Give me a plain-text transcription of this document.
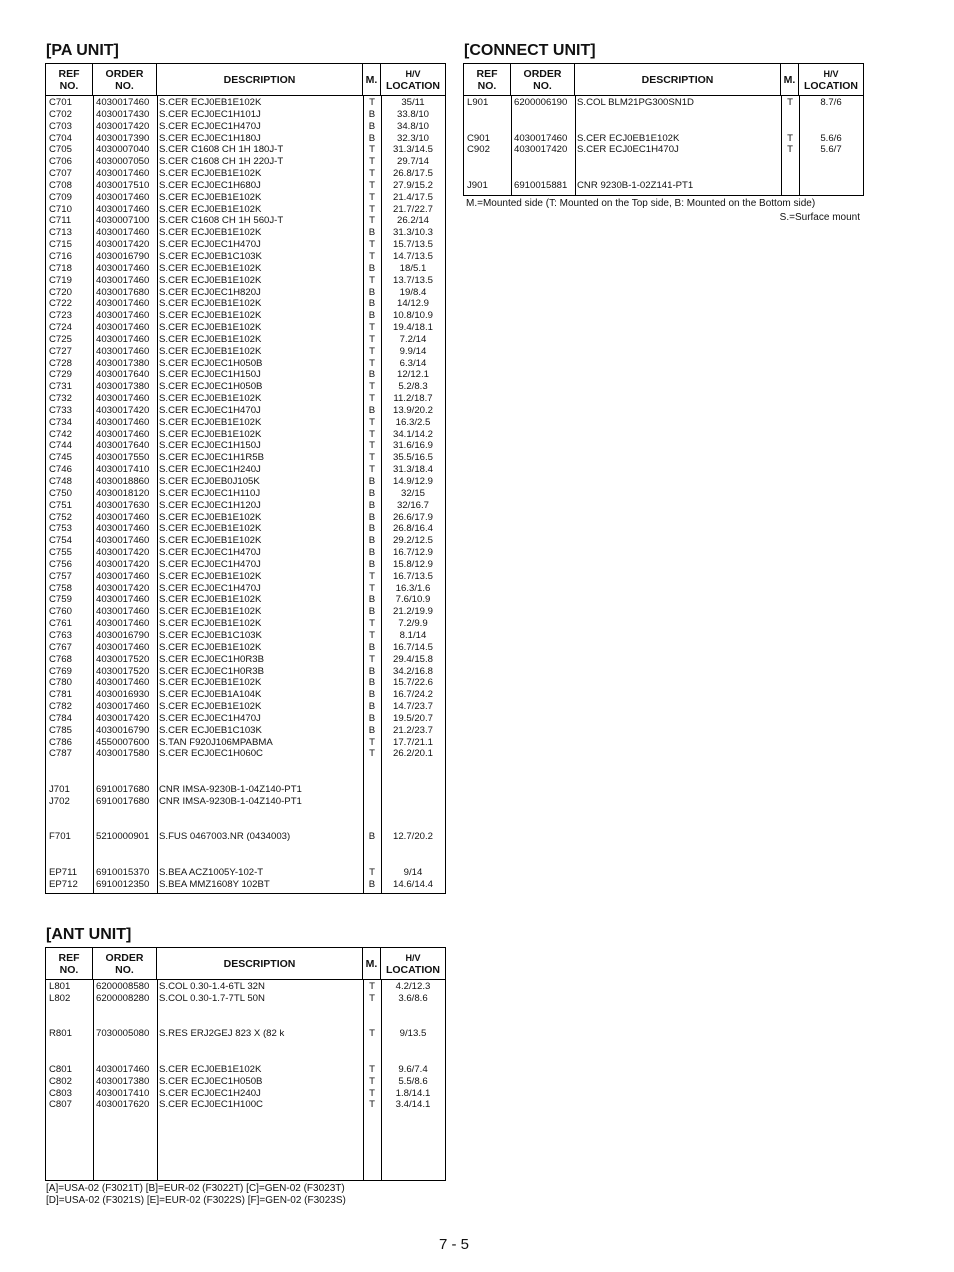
[PA UNIT]
REF
NO.
ORDER
NO.	DESCRIPTION	M.	H/V
LOCATION
C701	4030017460	S.CER ECJ0EB1E102K	T	35/11
C702	4030017430	S.CER ECJ0EC1H101J	B	33.8/10
C703	4030017420	S.CER ECJ0EC1H470J	B	34.8/10
C704	4030017390	S.CER ECJ0EC1H180J	B	32.3/10
C705	4030007040	S.CER C1608 CH 1H 180J-T	T	31.3/14.5
C706	4030007050	S.CER C1608 CH 1H 220J-T	T	29.7/14
C707	4030017460	S.CER ECJ0EB1E102K	T	26.8/17.5
C708	4030017510	S.CER ECJ0EC1H680J	T	27.9/15.2
C709	4030017460	S.CER ECJ0EB1E102K	T	21.4/17.5
C710	4030017460	S.CER ECJ0EB1E102K	T	21.7/22.7
C711	4030007100	S.CER C1608 CH 1H 560J-T	T	26.2/14
C713	4030017460	S.CER ECJ0EB1E102K	B	31.3/10.3
C715	4030017420	S.CER ECJ0EC1H470J	T	15.7/13.5
C716	4030016790	S.CER ECJ0EB1C103K	T	14.7/13.5
C718	4030017460	S.CER ECJ0EB1E102K	B	18/5.1
C719	4030017460	S.CER ECJ0EB1E102K	T	13.7/13.5
C720	4030017680	S.CER ECJ0EC1H820J	B	19/8.4
C722	4030017460	S.CER ECJ0EB1E102K	B	14/12.9
C723	4030017460	S.CER ECJ0EB1E102K	B	10.8/10.9
C724	4030017460	S.CER ECJ0EB1E102K	T	19.4/18.1
C725	4030017460	S.CER ECJ0EB1E102K	T	7.2/14
C727	4030017460	S.CER ECJ0EB1E102K	T	9.9/14
C728	4030017380	S.CER ECJ0EC1H050B	T	6.3/14
C729	4030017640	S.CER ECJ0EC1H150J	B	12/12.1
C731	4030017380	S.CER ECJ0EC1H050B	T	5.2/8.3
C732	4030017460	S.CER ECJ0EB1E102K	T	11.2/18.7
C733	4030017420	S.CER ECJ0EC1H470J	B	13.9/20.2
C734	4030017460	S.CER ECJ0EB1E102K	T	16.3/2.5
C742	4030017460	S.CER ECJ0EB1E102K	T	34.1/14.2
C744	4030017640	S.CER ECJ0EC1H150J	T	31.6/16.9
C745	4030017550	S.CER ECJ0EC1H1R5B	T	35.5/16.5
C746	4030017410	S.CER ECJ0EC1H240J	T	31.3/18.4
C748	4030018860	S.CER ECJ0EB0J105K	B	14.9/12.9
C750	4030018120	S.CER ECJ0EC1H110J	B	32/15
C751	4030017630	S.CER ECJ0EC1H120J	B	32/16.7
C752	4030017460	S.CER ECJ0EB1E102K	B	26.6/17.9
C753	4030017460	S.CER ECJ0EB1E102K	B	26.8/16.4
C754	4030017460	S.CER ECJ0EB1E102K	B	29.2/12.5
C755	4030017420	S.CER ECJ0EC1H470J	B	16.7/12.9
C756	4030017420	S.CER ECJ0EC1H470J	B	15.8/12.9
C757	4030017460	S.CER ECJ0EB1E102K	T	16.7/13.5
C758	4030017420	S.CER ECJ0EC1H470J	T	16.3/1.6
C759	4030017460	S.CER ECJ0EB1E102K	B	7.6/10.9
C760	4030017460	S.CER ECJ0EB1E102K	B	21.2/19.9
C761	4030017460	S.CER ECJ0EB1E102K	T	7.2/9.9
C763	4030016790	S.CER ECJ0EB1C103K	T	8.1/14
C767	4030017460	S.CER ECJ0EB1E102K	B	16.7/14.5
C768	4030017520	S.CER ECJ0EC1H0R3B	T	29.4/15.8
C769	4030017520	S.CER ECJ0EC1H0R3B	B	34.2/16.8
C780	4030017460	S.CER ECJ0EB1E102K	B	15.7/22.6
C781	4030016930	S.CER ECJ0EB1A104K	B	16.7/24.2
C782	4030017460	S.CER ECJ0EB1E102K	B	14.7/23.7
C784	4030017420	S.CER ECJ0EC1H470J	B	19.5/20.7
C785	4030016790	S.CER ECJ0EB1C103K	B	21.2/23.7
C786	4550007600	S.TAN F920J106MPABMA	T	17.7/21.1
C787	4030017580	S.CER ECJ0EC1H060C	T	26.2/20.1
J701	6910017680	CNR IMSA-9230B-1-04Z140-PT1
J702	6910017680	CNR IMSA-9230B-1-04Z140-PT1
F701	5210000901	S.FUS 0467003.NR (0434003)	B	12.7/20.2
EP711	6910015370	S.BEA ACZ1005Y-102-T	T	9/14
EP712	6910012350	S.BEA MMZ1608Y 102BT	B	14.6/14.4
[CONNECT UNIT]
REF
NO.
ORDER
NO.	DESCRIPTION	M.	H/V
LOCATION
L901	6200006190	S.COL BLM21PG300SN1D	T	8.7/6
C901	4030017460	S.CER ECJ0EB1E102K	T	5.6/6
C902	4030017420	S.CER ECJ0EC1H470J	T	5.6/7
J901	6910015881	CNR 9230B-1-02Z141-PT1
M.=Mounted side (T: Mounted on the Top side, B: Mounted on the Bottom side)
S.=Surface mount
[ANT UNIT]
REF
NO.
ORDER
NO.	DESCRIPTION	M.	H/V
LOCATION
L801	6200008580	S.COL 0.30-1.4-6TL 32N	T	4.2/12.3
L802	6200008280	S.COL 0.30-1.7-7TL 50N	T	3.6/8.6
R801	7030005080	S.RES ERJ2GEJ 823 X (82 k	T	9/13.5
C801	4030017460	S.CER ECJ0EB1E102K	T	9.6/7.4
C802	4030017380	S.CER ECJ0EC1H050B	T	5.5/8.6
C803	4030017410	S.CER ECJ0EC1H240J	T	1.8/14.1
C807	4030017620	S.CER ECJ0EC1H100C	T	3.4/14.1
[A]=USA-02 (F3021T) [B]=EUR-02 (F3022T) [C]=GEN-02 (F3023T)
[D]=USA-02 (F3021S) [E]=EUR-02 (F3022S) [F]=GEN-02 (F3023S)
7 - 5
